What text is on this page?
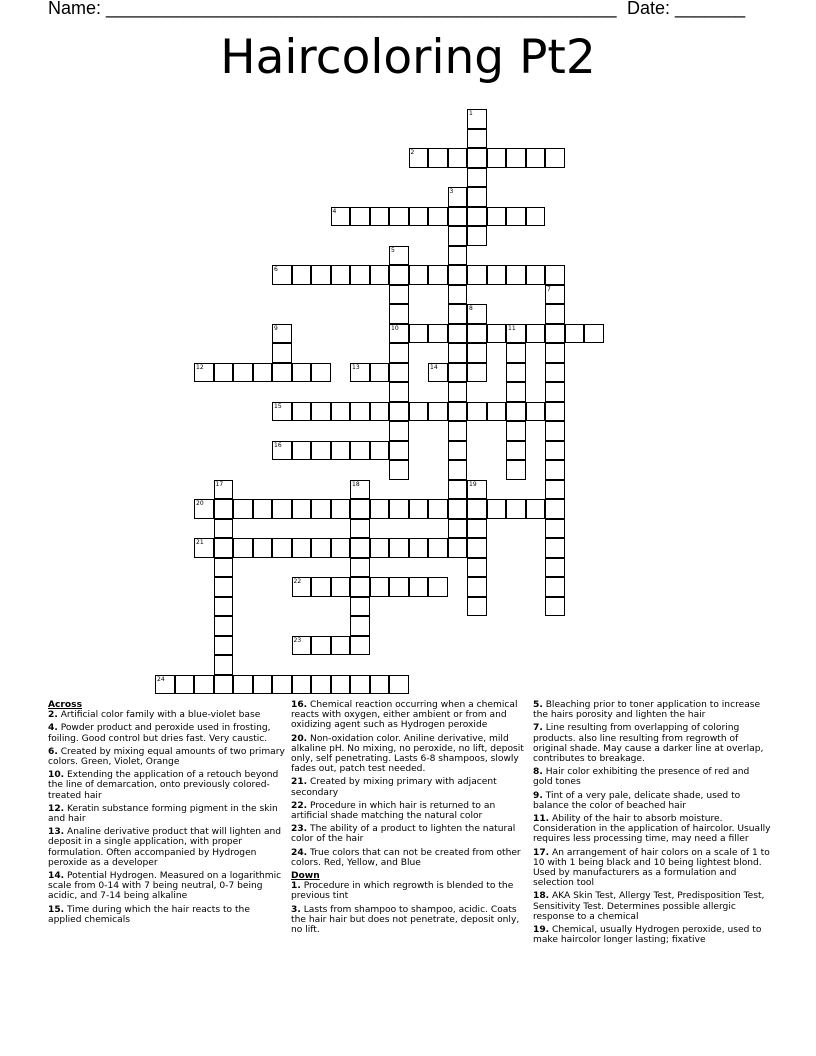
Name: ___________________________________________________ Date: _______
Haircoloring Pt2
1
2
3
4
5
10
6
7
8
9	11
12	13	14
15
16
17	18	19
20
21
22
23
24
Across
2. Artificial color family with a blue-violet base
4. Powder product and peroxide used in frosting, foiling. Good control but dries fast. Very caustic.
6. Created by mixing equal amounts of two primary colors. Green, Violet, Orange
10. Extending the application of a retouch beyond the line of demarcation, onto previously colored-treated hair
12. Keratin substance forming pigment in the skin and hair
13. Analine derivative product that will lighten and deposit in a single application, with proper formulation. Often accompanied by Hydrogen peroxide as a developer
14. Potential Hydrogen. Measured on a logarithmic scale from 0-14 with 7 being neutral, 0-7 being acidic, and 7-14 being alkaline
15. Time during which the hair reacts to the applied chemicals
16. Chemical reaction occurring when a chemical reacts with oxygen, either ambient or from and oxidizing agent such as Hydrogen peroxide
20. Non-oxidation color. Aniline derivative, mild alkaline pH. No mixing, no peroxide, no lift, deposit only, self penetrating. Lasts 6-8 shampoos, slowly fades out, patch test needed.
21. Created by mixing primary with adjacent secondary
22. Procedure in which hair is returned to an artificial shade matching the natural color
23. The ability of a product to lighten the natural color of the hair
24. True colors that can not be created from other colors. Red, Yellow, and Blue
Down
1. Procedure in which regrowth is blended to the previous tint
3. Lasts from shampoo to shampoo, acidic. Coats the hair hair but does not penetrate, deposit only, no lift.
5. Bleaching prior to toner application to increase the hairs porosity and lighten the hair
7. Line resulting from overlapping of coloring products. also line resulting from regrowth of original shade. May cause a darker line at overlap, contributes to breakage.
8. Hair color exhibiting the presence of red and gold tones
9. Tint of a very pale, delicate shade, used to balance the color of beached hair
11. Ability of the hair to absorb moisture. Consideration in the application of haircolor. Usually requires less processing time, may need a filler
17. An arrangement of hair colors on a scale of 1 to 10 with 1 being black and 10 being lightest blond. Used by manufacturers as a formulation and selection tool
18. AKA Skin Test, Allergy Test, Predisposition Test, Sensitivity Test. Determines possible allergic response to a chemical
19. Chemical, usually Hydrogen peroxide, used to make haircolor longer lasting; fixative
